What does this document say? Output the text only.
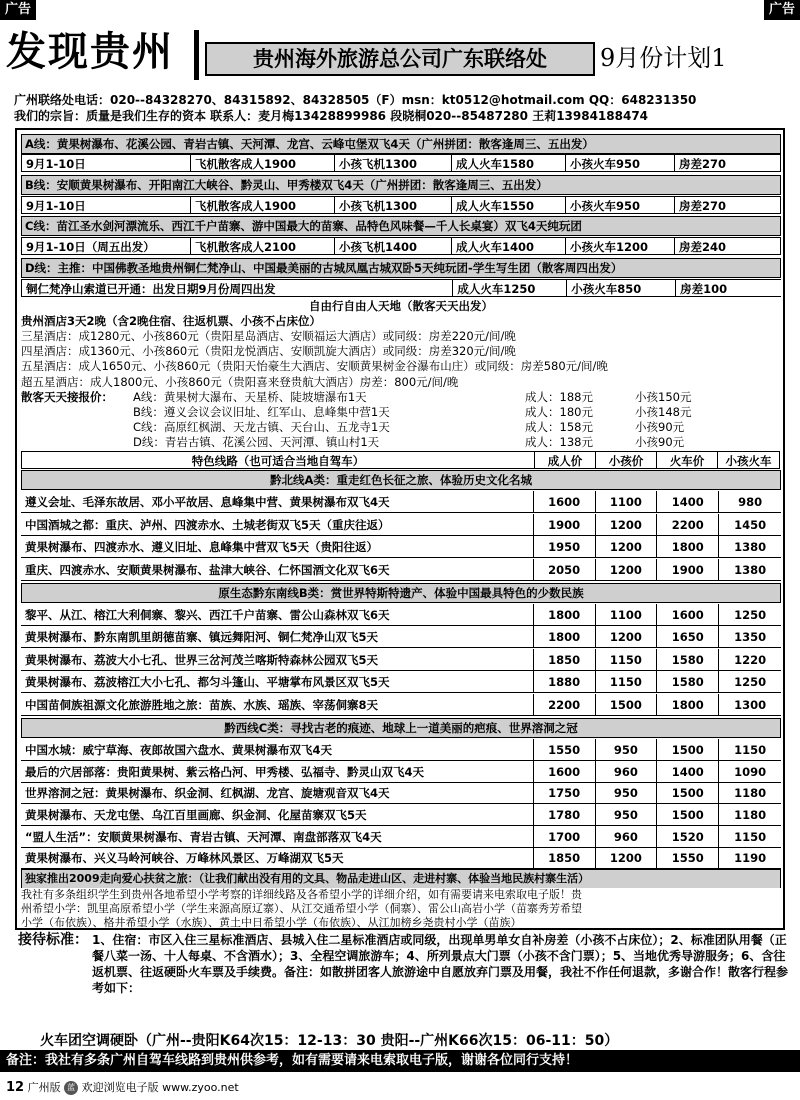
广告	广告
发现贵州	贵州海外旅游总公司广东联络处	9月份计划1
广州联络处电话：020--84328270、84315892、84328505（F）msn：kt0512@hotmail.com QQ：648231350
我们的宗旨：质量是我们生存的资本 联系人：麦月梅13428899986 段晓桐020--85487280 王莉13984188474
A线：黄果树瀑布、花溪公园、青岩古镇、天河潭、龙宫、云峰屯堡双飞4天（广州拼团：散客逢周三、五出发）
9月1-10日	飞机散客成人1900	小孩飞机1300	成人火车1580	小孩火车950	房差270
B线：安顺黄果树瀑布、开阳南江大峡谷、黔灵山、甲秀楼双飞4天（广州拼团：散客逢周三、五出发）
9月1-10日	飞机散客成人1900	小孩飞机1300	成人火车1550	小孩火车950	房差270
C线：苗江圣水剑河漂流乐、西江千户苗寨、游中国最大的苗寨、品特色风味餐—千人长桌宴）双飞4天纯玩团
9月1-10日（周五出发）	飞机散客成人2100	小孩飞机1400	成人火车1400	小孩火车1200	房差240
D线：主推：中国佛教圣地贵州铜仁梵净山、中国最美丽的古城凤凰古城双卧5天纯玩团-学生写生团（散客周四出发）
铜仁梵净山索道已开通：出发日期9月份周四出发	成人火车1250	小孩火车850	房差100
自由行自由人天地（散客天天出发）
贵州酒店3天2晚（含2晚住宿、往返机票、小孩不占床位）
三星酒店：成1280元、小孩860元（贵阳星岛酒店、安顺福运大酒店）或同级：房差220元/间/晚
四星酒店：成1360元、小孩860元（贵阳龙悦酒店、安顺凯旋大酒店）或同级：房差320元/间/晚
五星酒店：成人1650元、小孩860元（贵阳天怡豪生大酒店、安顺黄果树金谷瀑布山庄）或同级：房差580元/间/晚
超五星酒店：成人1800元、小孩860元（贵阳喜来登贵航大酒店）房差：800元/间/晚
散客天天接报价： A线：黄果树大瀑布、天星桥、陡坡塘瀑布1天	成人：188元	小孩150元
B线：遵义会议会议旧址、红军山、息峰集中营1天	成人：180元	小孩148元
C线：高原红枫湖、天龙古镇、天台山、五龙寺1天	成人：158元	小孩90元
D线：青岩古镇、花溪公园、天河潭、镇山村1天	成人：138元	小孩90元
特色线路（也可适合当地自驾车）	成人价	小孩价	火车价	小孩火车
黔北线A类：重走红色长征之旅、体验历史文化名城
遵义会址、毛泽东故居、邓小平故居、息峰集中营、黄果树瀑布双飞4天	1600	1100	1400	980
中国酒城之都：重庆、泸州、四渡赤水、土城老街双飞5天（重庆往返）	1900	1200	2200	1450
黄果树瀑布、四渡赤水、遵义旧址、息峰集中营双飞5天（贵阳往返）	1950	1200	1800	1380
重庆、四渡赤水、安顺黄果树瀑布、盐津大峡谷、仁怀国酒文化双飞6天	2050	1200	1900	1380
原生态黔东南线B类：赏世界特斯特遗产、体验中国最具特色的少数民族
黎平、从江、榕江大利侗寨、黎兴、西江千户苗寨、雷公山森林双飞6天	1800	1100	1600	1250
黄果树瀑布、黔东南凯里朗德苗寨、镇远舞阳河、铜仁梵净山双飞5天	1800	1200	1650	1350
黄果树瀑布、荔波大小七孔、世界三岔河茂兰喀斯特森林公园双飞5天	1850	1150	1580	1220
黄果树瀑布、荔波榕江大小七孔、都匀斗篷山、平塘掌布风景区双飞5天	1880	1150	1580	1250
中国苗侗族祖源文化旅游胜地之旅：苗族、水族、瑶族、宰荡侗寨8天	2200	1500	1800	1300
黔西线C类：寻找古老的痕迹、地球上一道美丽的疤痕、世界溶洞之冠
中国水城：威宁草海、夜郎故国六盘水、黄果树瀑布双飞4天	1550	950	1500	1150
最后的穴居部落：贵阳黄果树、紫云格凸河、甲秀楼、弘福寺、黔灵山双飞4天	1600	960	1400	1090
世界溶洞之冠：黄果树瀑布、织金洞、红枫湖、龙宫、旋塘观音双飞4天	1750	950	1500	1180
黄果树瀑布、天龙屯堡、乌江百里画廊、织金洞、化屋苗寨双飞5天	1780	950	1500	1180
“盟人生活”：安顺黄果树瀑布、青岩古镇、天河潭、南盘部落双飞4天	1700	960	1520	1150
黄果树瀑布、兴义马岭河峡谷、万峰林风景区、万峰湖双飞5天	1850	1200	1550	1190
独家推出2009走向爱心扶贫之旅：（让我们献出没有用的文具、物品走进山区、走进村寨、体验当地民族村寨生活）
我社有多条组织学生到贵州各地希望小学考察的详细线路及各希望小学的详细介绍，如有需要请来电索取电子版！贵
州希望小学：凯里高原希望小学（学生来源高原辽寨）、从江交通希望小学（侗寨）、雷公山高岩小学（苗寨秀芳希望
小学（布依族）、格井希望小学（水族）、黄土中日希望小学（布依族）、从江加榜乡尧贵村小学（苗族）
接待标准： 1、住宿：市区入住三星标准酒店、县城入住二星标准酒店或同级，出现单男单女自补房差（小孩不占床位）；2、标准团队用餐（正餐八菜一汤、十人每桌、不含酒水）；3、全程空调旅游车；4、所列景点大门票（小孩不含门票）；5、当地优秀导游服务；6、含往返机票、往返硬卧火车票及手续费。备注：如散拼团客人旅游途中自愿放弃门票及用餐，我社不作任何退款，多谢合作！散客行程参考如下：
火车团空调硬卧（广州--贵阳K64次15：12-13：30 贵阳--广州K66次15：06-11：50）
备注：我社有多条广州自驾车线路到贵州供参考，如有需要请来电索取电子版，谢谢各位同行支持！
12 广州版 蓝 欢迎浏览电子版 www.zyoo.net
